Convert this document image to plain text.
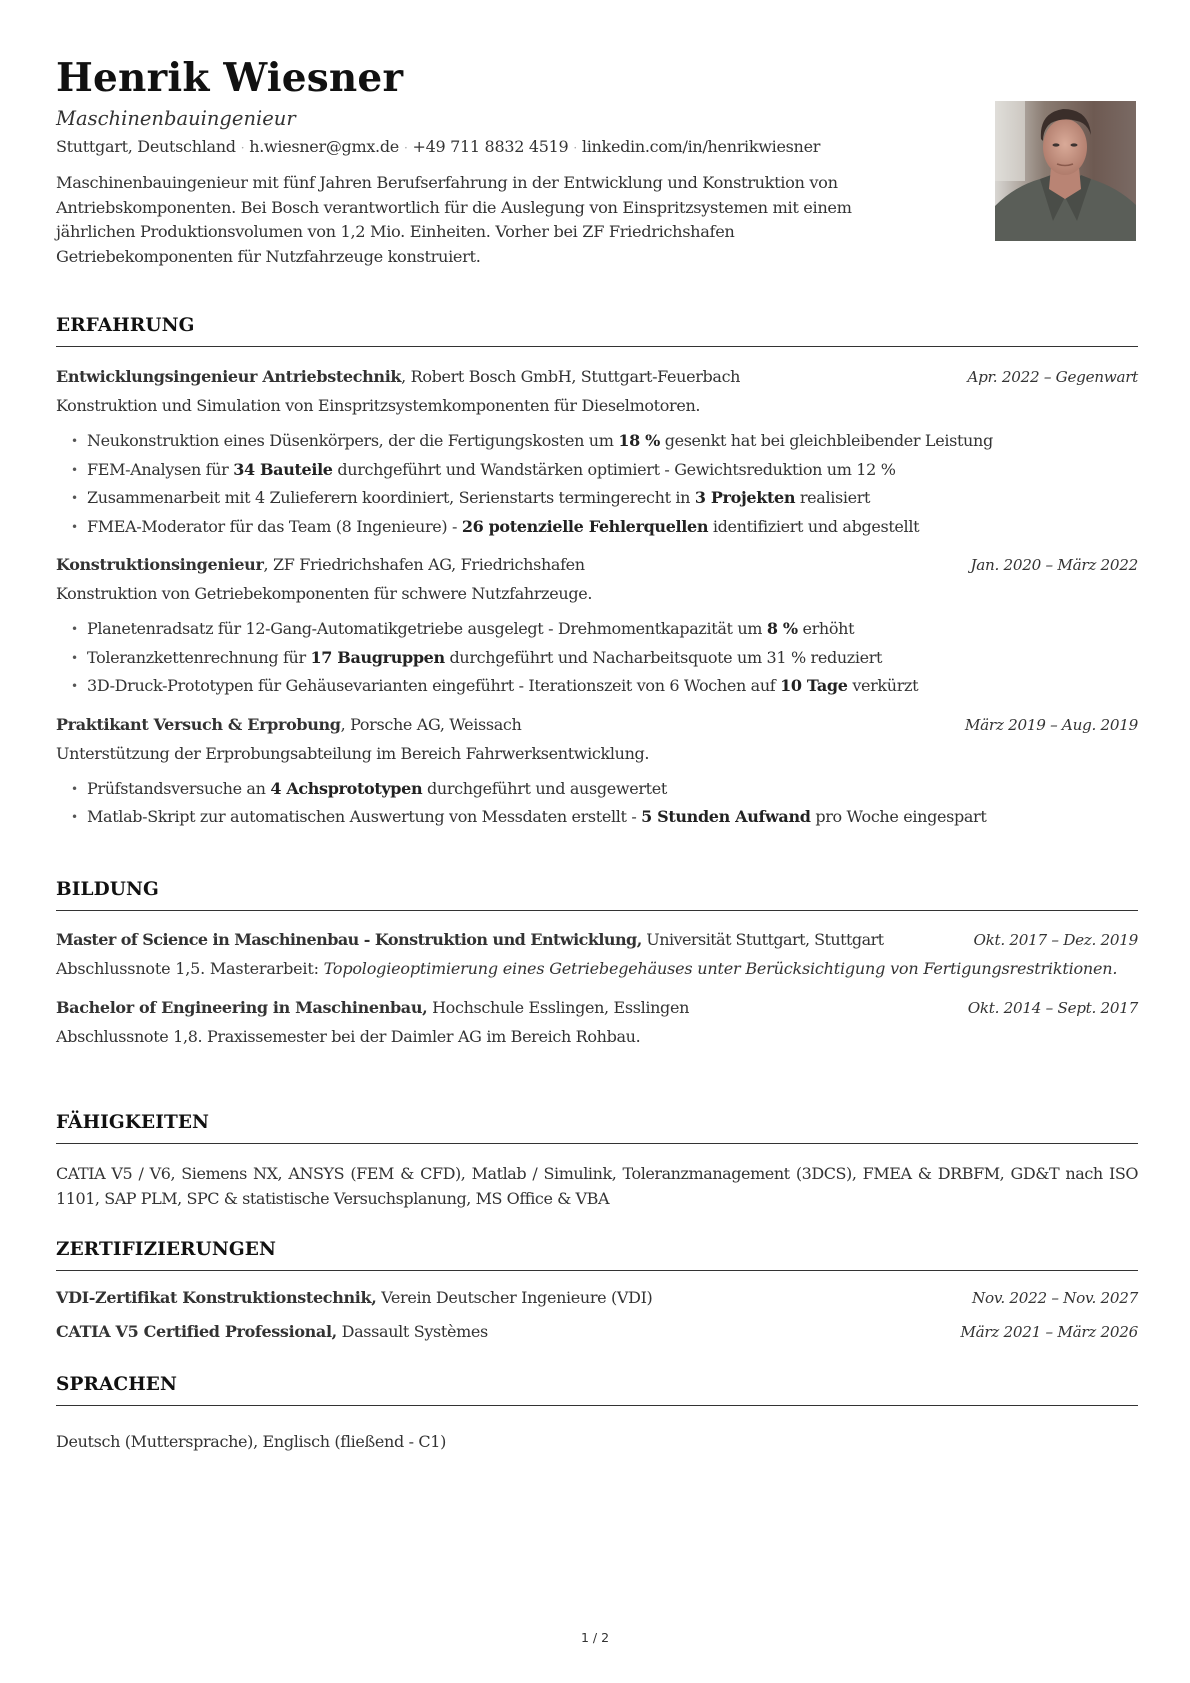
Henrik Wiesner
Maschinenbauingenieur
Stuttgart, Deutschland · h.wiesner@gmx.de · +49 711 8832 4519 · linkedin.com/in/henrikwiesner
Maschinenbauingenieur mit fünf Jahren Berufserfahrung in der Entwicklung und Konstruktion von Antriebskomponenten. Bei Bosch verantwortlich für die Auslegung von Einspritzsystemen mit einem jährlichen Produktionsvolumen von 1,2 Mio. Einheiten. Vorher bei ZF Friedrichshafen Getriebekomponenten für Nutzfahrzeuge konstruiert.
ERFAHRUNG
Entwicklungsingenieur Antriebstechnik, Robert Bosch GmbH, Stuttgart-Feuerbach	Apr. 2022 – Gegenwart
Konstruktion und Simulation von Einspritzsystemkomponenten für Dieselmotoren.
• Neukonstruktion eines Düsenkörpers, der die Fertigungskosten um 18 % gesenkt hat bei gleichbleibender Leistung
• FEM-Analysen für 34 Bauteile durchgeführt und Wandstärken optimiert - Gewichtsreduktion um 12 %
• Zusammenarbeit mit 4 Zulieferern koordiniert, Serienstarts termingerecht in 3 Projekten realisiert
• FMEA-Moderator für das Team (8 Ingenieure) - 26 potenzielle Fehlerquellen identifiziert und abgestellt
Konstruktionsingenieur, ZF Friedrichshafen AG, Friedrichshafen	Jan. 2020 – März 2022
Konstruktion von Getriebekomponenten für schwere Nutzfahrzeuge.
• Planetenradsatz für 12-Gang-Automatikgetriebe ausgelegt - Drehmomentkapazität um 8 % erhöht
• Toleranzkettenrechnung für 17 Baugruppen durchgeführt und Nacharbeitsquote um 31 % reduziert
• 3D-Druck-Prototypen für Gehäusevarianten eingeführt - Iterationszeit von 6 Wochen auf 10 Tage verkürzt
Praktikant Versuch & Erprobung, Porsche AG, Weissach	März 2019 – Aug. 2019
Unterstützung der Erprobungsabteilung im Bereich Fahrwerksentwicklung.
• Prüfstandsversuche an 4 Achsprototypen durchgeführt und ausgewertet
• Matlab-Skript zur automatischen Auswertung von Messdaten erstellt - 5 Stunden Aufwand pro Woche eingespart
BILDUNG
Master of Science in Maschinenbau - Konstruktion und Entwicklung, Universität Stuttgart, Stuttgart	Okt. 2017 – Dez. 2019
Abschlussnote 1,5. Masterarbeit: Topologieoptimierung eines Getriebegehäuses unter Berücksichtigung von Fertigungsrestriktionen.
Bachelor of Engineering in Maschinenbau, Hochschule Esslingen, Esslingen	Okt. 2014 – Sept. 2017
Abschlussnote 1,8. Praxissemester bei der Daimler AG im Bereich Rohbau.
FÄHIGKEITEN
CATIA V5 / V6, Siemens NX, ANSYS (FEM & CFD), Matlab / Simulink, Toleranzmanagement (3DCS), FMEA & DRBFM, GD&T nach ISO 1101, SAP PLM, SPC & statistische Versuchsplanung, MS Office & VBA
ZERTIFIZIERUNGEN
VDI-Zertifikat Konstruktionstechnik, Verein Deutscher Ingenieure (VDI)	Nov. 2022 – Nov. 2027
CATIA V5 Certified Professional, Dassault Systèmes	März 2021 – März 2026
SPRACHEN
Deutsch (Muttersprache), Englisch (fließend - C1)
1 / 2
